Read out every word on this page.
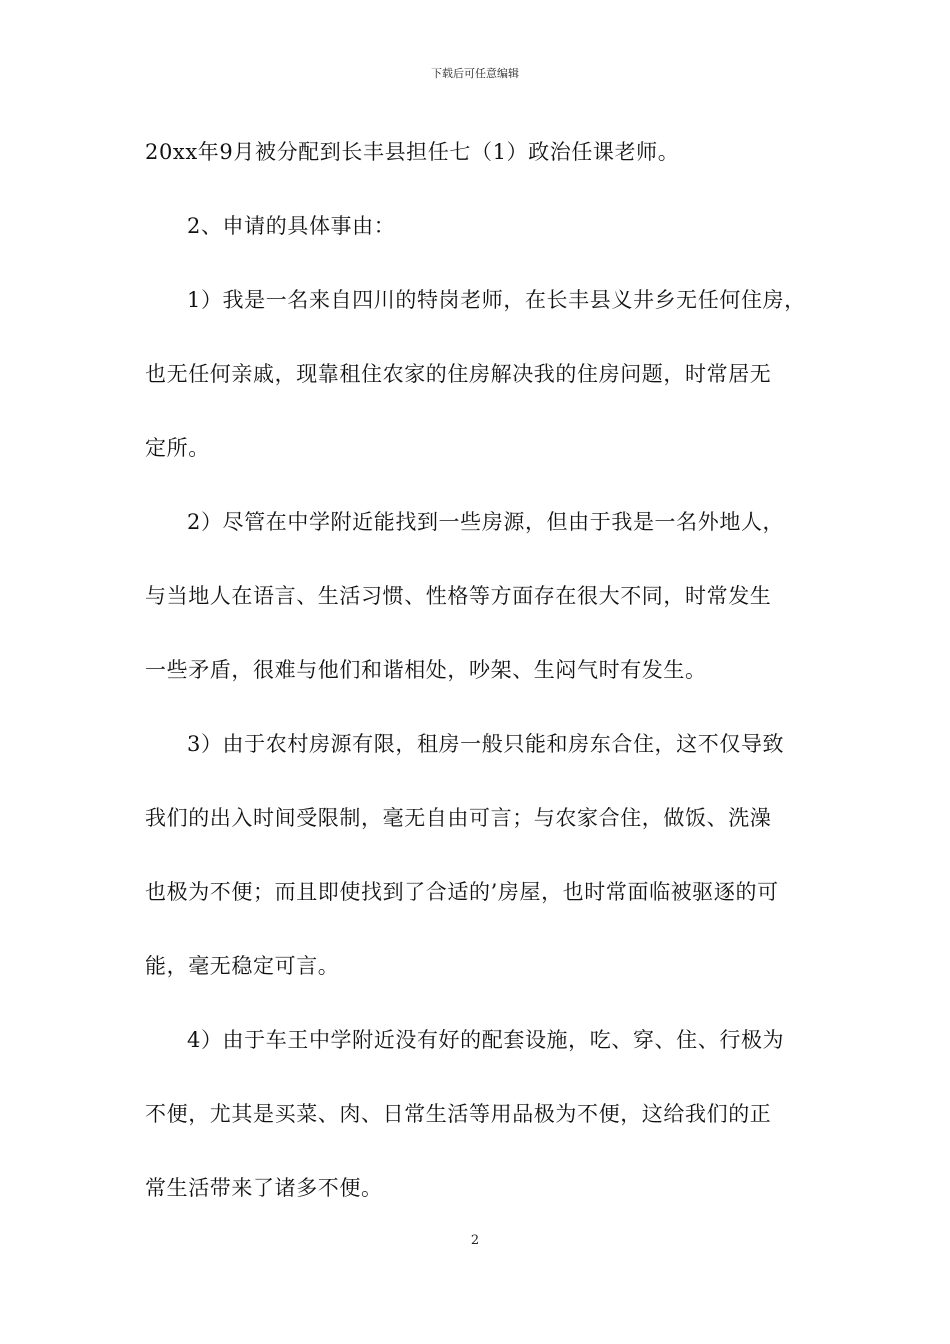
下载后可任意编辑
20xx年9月被分配到长丰县担任七（1）政治任课老师。
2、申请的具体事由：
1）我是一名来自四川的特岗老师，在长丰县义井乡无任何住房，
也无任何亲戚，现靠租住农家的住房解决我的住房问题，时常居无
定所。
2）尽管在中学附近能找到一些房源，但由于我是一名外地人，
与当地人在语言、生活习惯、性格等方面存在很大不同，时常发生
一些矛盾，很难与他们和谐相处，吵架、生闷气时有发生。
3）由于农村房源有限，租房一般只能和房东合住，这不仅导致
我们的出入时间受限制，毫无自由可言；与农家合住，做饭、洗澡
也极为不便；而且即使找到了合适的’房屋，也时常面临被驱逐的可
能，毫无稳定可言。
4）由于车王中学附近没有好的配套设施，吃、穿、住、行极为
不便，尤其是买菜、肉、日常生活等用品极为不便，这给我们的正
常生活带来了诸多不便。
2
